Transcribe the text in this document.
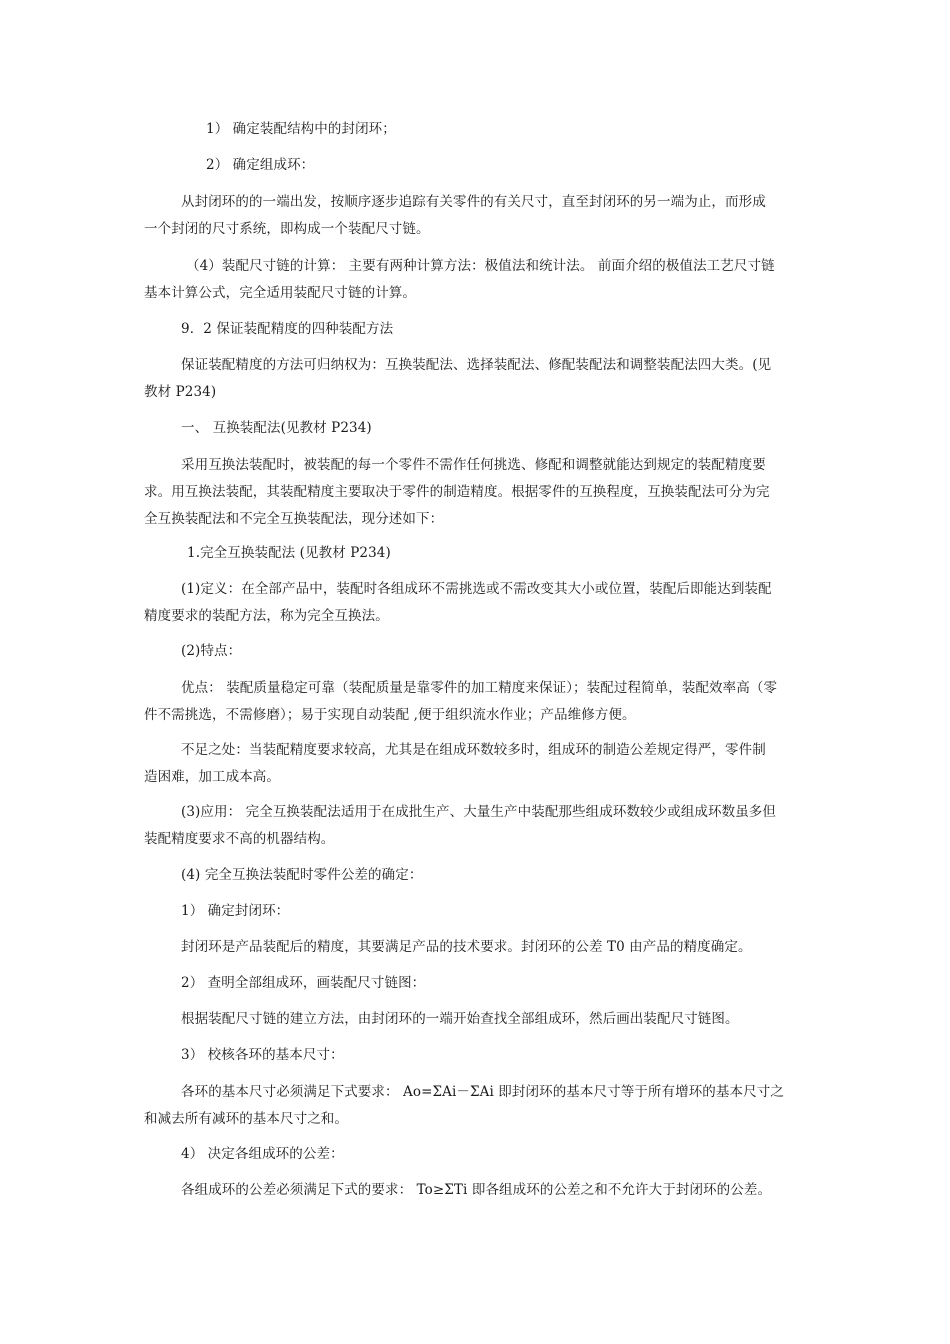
1） 确定装配结构中的封闭环；

2） 确定组成环：

从封闭环的的一端出发，按顺序逐步追踪有关零件的有关尺寸，直至封闭环的另一端为止，而形成
一个封闭的尺寸系统，即构成一个装配尺寸链。

（4）装配尺寸链的计算： 主要有两种计算方法：极值法和统计法。 前面介绍的极值法工艺尺寸链
基本计算公式，完全适用装配尺寸链的计算。

9．2 保证装配精度的四种装配方法

保证装配精度的方法可归纳权为：互换装配法、选择装配法、修配装配法和调整装配法四大类。(见
教材 P234)

一、 互换装配法(见教材 P234)

采用互换法装配时，被装配的每一个零件不需作任何挑选、修配和调整就能达到规定的装配精度要
求。用互换法装配，其装配精度主要取决于零件的制造精度。根据零件的互换程度，互换装配法可分为完
全互换装配法和不完全互换装配法，现分述如下：

1.完全互换装配法 (见教材 P234)

(1)定义：在全部产品中，装配时各组成环不需挑选或不需改变其大小或位置，装配后即能达到装配
精度要求的装配方法，称为完全互换法。

(2)特点：

优点： 装配质量稳定可靠（装配质量是靠零件的加工精度来保证）；装配过程简单，装配效率高（零
件不需挑选，不需修磨）；易于实现自动装配 ,便于组织流水作业；产品维修方便。

不足之处：当装配精度要求较高，尤其是在组成环数较多时，组成环的制造公差规定得严，零件制
造困难，加工成本高。

(3)应用： 完全互换装配法适用于在成批生产、大量生产中装配那些组成环数较少或组成环数虽多但
装配精度要求不高的机器结构。

(4) 完全互换法装配时零件公差的确定：

1） 确定封闭环：

封闭环是产品装配后的精度，其要满足产品的技术要求。封闭环的公差 T0 由产品的精度确定。

2） 查明全部组成环，画装配尺寸链图：

根据装配尺寸链的建立方法，由封闭环的一端开始查找全部组成环，然后画出装配尺寸链图。

3） 校核各环的基本尺寸：

各环的基本尺寸必须满足下式要求： Ao=ΣAi－ΣAi 即封闭环的基本尺寸等于所有增环的基本尺寸之
和减去所有减环的基本尺寸之和。

4） 决定各组成环的公差：

各组成环的公差必须满足下式的要求： To≥ΣTi 即各组成环的公差之和不允许大于封闭环的公差。
